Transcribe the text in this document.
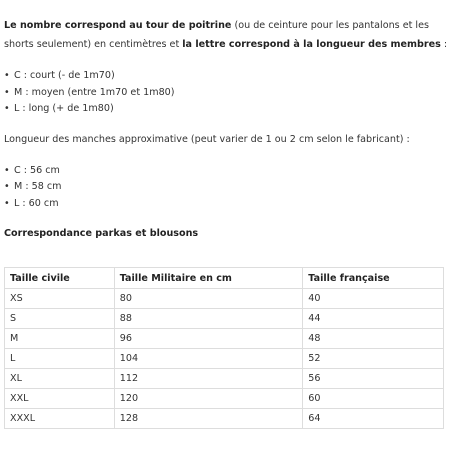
Le nombre correspond au tour de poitrine (ou de ceinture pour les pantalons et les shorts seulement) en centimètres et la lettre correspond à la longueur des membres :

• C : court (- de 1m70)
• M : moyen (entre 1m70 et 1m80)
• L : long (+ de 1m80)

Longueur des manches approximative (peut varier de 1 ou 2 cm selon le fabricant) :

• C : 56 cm
• M : 58 cm
• L : 60 cm

Correspondance parkas et blousons

Taille civile	Taille Militaire en cm	Taille française
XS	80	40
S	88	44
M	96	48
L	104	52
XL	112	56
XXL	120	60
XXXL	128	64
